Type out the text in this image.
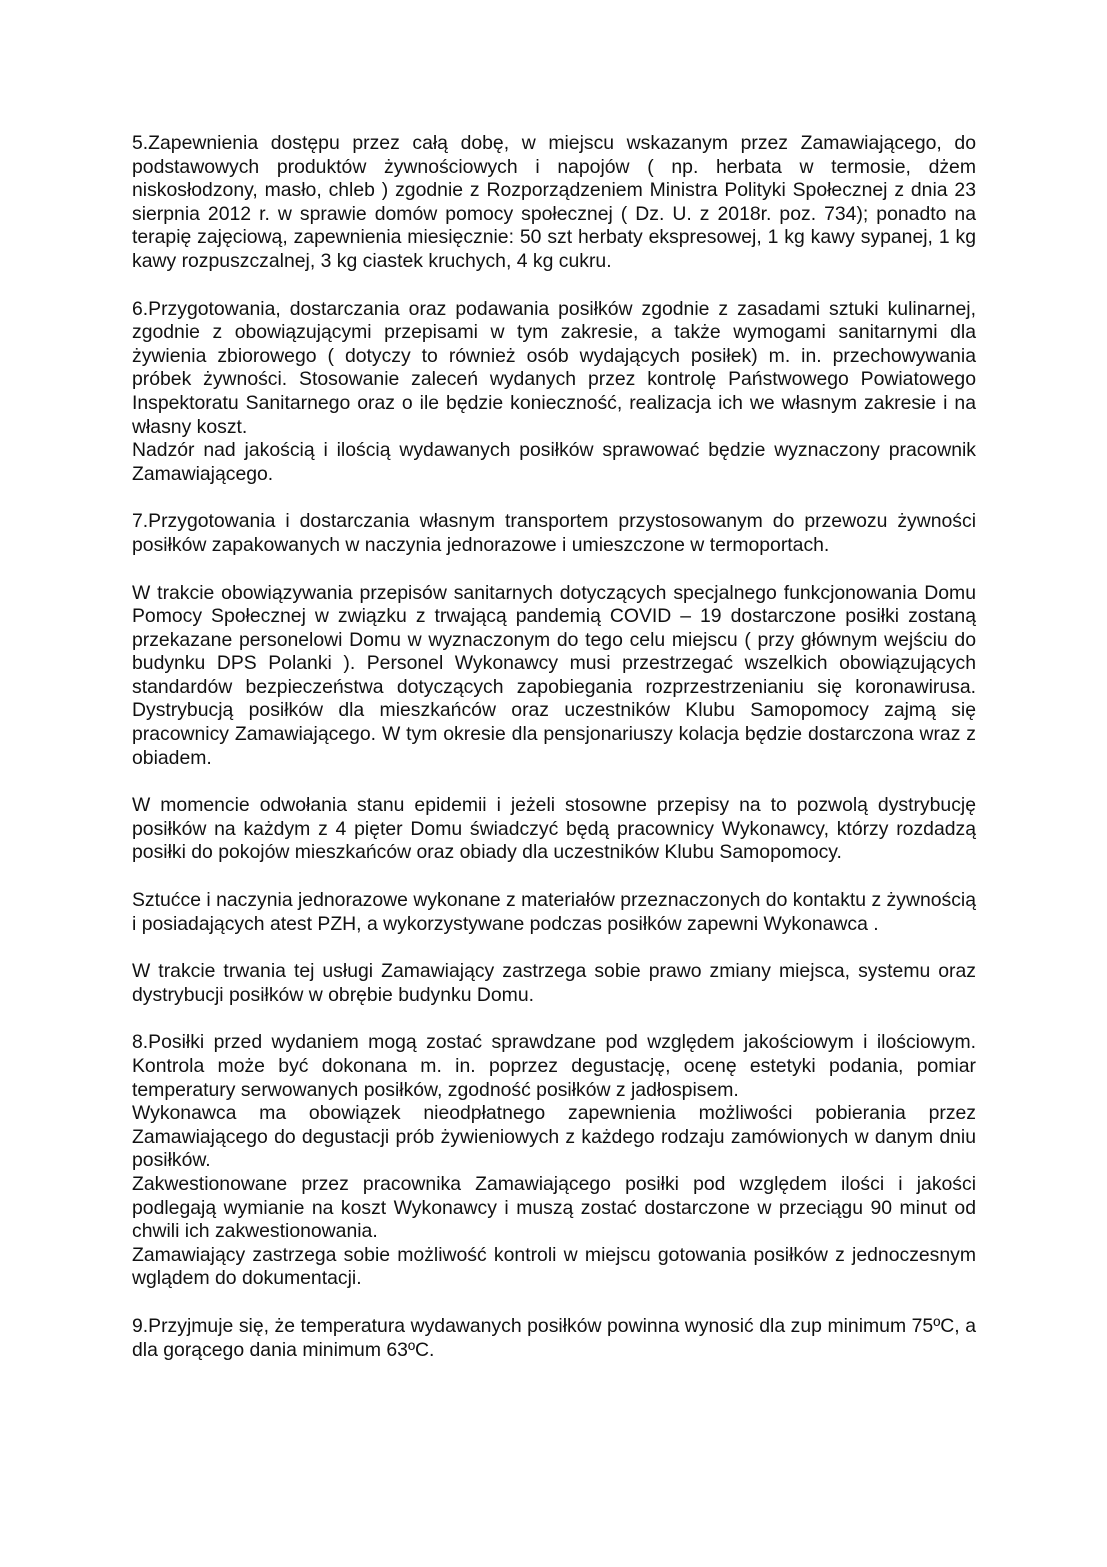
5.Zapewnienia dostępu przez całą dobę, w miejscu wskazanym przez Zamawiającego, do podstawowych produktów żywnościowych i napojów ( np. herbata w termosie, dżem niskosłodzony, masło, chleb ) zgodnie z Rozporządzeniem Ministra Polityki Społecznej z dnia 23 sierpnia 2012 r. w sprawie domów pomocy społecznej ( Dz. U. z 2018r. poz. 734); ponadto na terapię zajęciową, zapewnienia miesięcznie: 50 szt herbaty ekspresowej, 1 kg kawy sypanej, 1 kg kawy rozpuszczalnej, 3 kg ciastek kruchych, 4 kg cukru.

6.Przygotowania, dostarczania oraz podawania posiłków zgodnie z zasadami sztuki kulinarnej, zgodnie z obowiązującymi przepisami w tym zakresie, a także wymogami sanitarnymi dla żywienia zbiorowego ( dotyczy to również osób wydających posiłek) m. in. przechowywania próbek żywności. Stosowanie zaleceń wydanych przez kontrolę Państwowego Powiatowego Inspektoratu Sanitarnego oraz o ile będzie konieczność, realizacja ich we własnym zakresie i na własny koszt.

Nadzór nad jakością i ilością wydawanych posiłków sprawować będzie wyznaczony pracownik Zamawiającego.

7.Przygotowania i dostarczania własnym transportem przystosowanym do przewozu żywności posiłków zapakowanych w naczynia jednorazowe i umieszczone w termoportach.

W trakcie obowiązywania przepisów sanitarnych dotyczących specjalnego funkcjonowania Domu Pomocy Społecznej w związku z trwającą pandemią COVID – 19 dostarczone posiłki zostaną przekazane personelowi Domu w wyznaczonym do tego celu miejscu ( przy głównym wejściu do budynku DPS Polanki ). Personel Wykonawcy musi przestrzegać wszelkich obowiązujących standardów bezpieczeństwa dotyczących zapobiegania rozprzestrzenianiu się koronawirusa. Dystrybucją posiłków dla mieszkańców oraz uczestników Klubu Samopomocy zajmą się pracownicy Zamawiającego. W tym okresie dla pensjonariuszy kolacja będzie dostarczona wraz z obiadem.

W momencie odwołania stanu epidemii i jeżeli stosowne przepisy na to pozwolą dystrybucję posiłków na każdym z 4 pięter Domu świadczyć będą pracownicy Wykonawcy, którzy rozdadzą posiłki do pokojów mieszkańców oraz obiady dla uczestników Klubu Samopomocy.

Sztućce i naczynia jednorazowe wykonane z materiałów przeznaczonych do kontaktu z żywnością i posiadających atest PZH, a wykorzystywane podczas posiłków zapewni Wykonawca .

W trakcie trwania tej usługi Zamawiający zastrzega sobie prawo zmiany miejsca, systemu oraz dystrybucji posiłków w obrębie budynku Domu.

8.Posiłki przed wydaniem mogą zostać sprawdzane pod względem jakościowym i ilościowym. Kontrola może być dokonana m. in. poprzez degustację, ocenę estetyki podania, pomiar temperatury serwowanych posiłków, zgodność posiłków z jadłospisem.

Wykonawca ma obowiązek nieodpłatnego zapewnienia możliwości pobierania przez Zamawiającego do degustacji prób żywieniowych z każdego rodzaju zamówionych w danym dniu posiłków.

Zakwestionowane przez pracownika Zamawiającego posiłki pod względem ilości i jakości podlegają wymianie na koszt Wykonawcy i muszą zostać dostarczone w przeciągu 90 minut od chwili ich zakwestionowania.

Zamawiający zastrzega sobie możliwość kontroli w miejscu gotowania posiłków z jednoczesnym wglądem do dokumentacji.

9.Przyjmuje się, że temperatura wydawanych posiłków powinna wynosić dla zup minimum 75ºC, a dla gorącego dania minimum 63ºC.
